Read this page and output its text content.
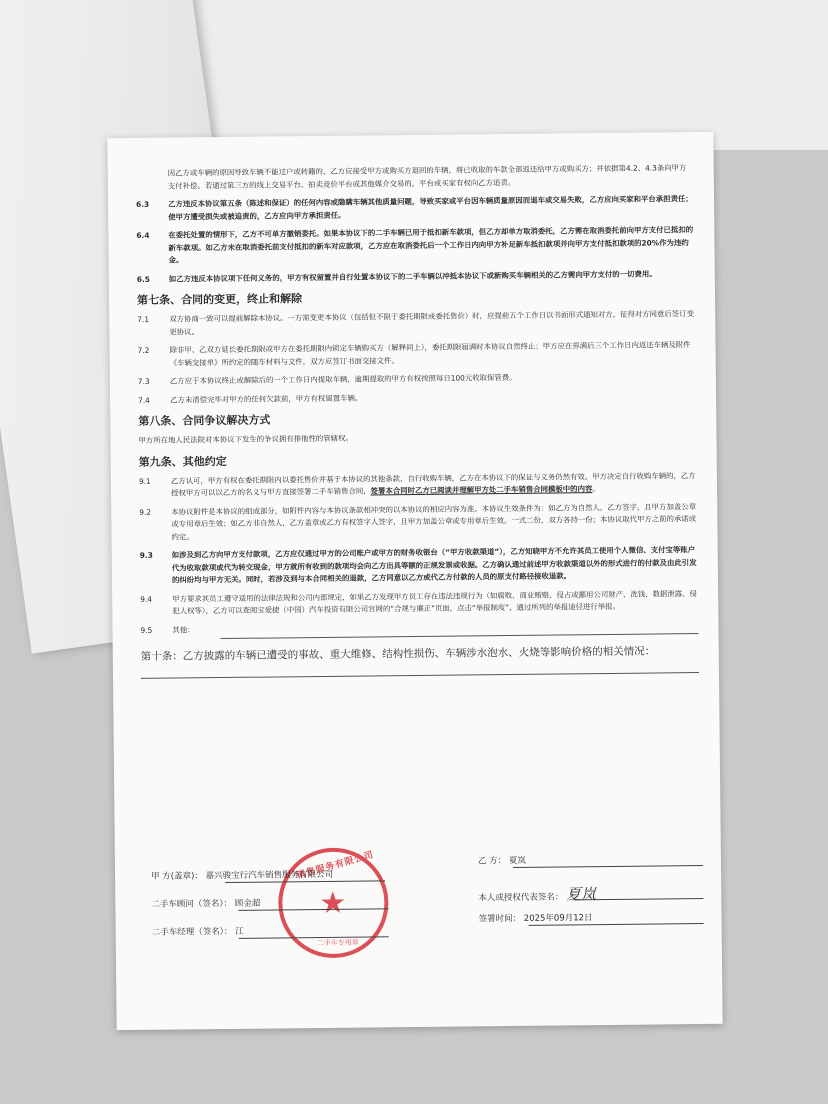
因乙方或车辆的原因导致车辆不能过户或转籍的，乙方应接受甲方或购买方退回的车辆，将已收取的车款全部返还给甲方或购买方；并依据第4.2、4.3条向甲方支付补偿。若通过第三方的线上交易平台、拍卖竞价平台或其他媒介交易的，平台或买家有权向乙方追责。
6.3	乙方违反本协议第五条（陈述和保证）的任何内容或隐瞒车辆其他质量问题，导致买家或平台因车辆质量原因而退车或交易失败，乙方应向买家和平台承担责任；使甲方遭受损失或被追责的，乙方应向甲方承担责任。
6.4	在委托处置的情形下，乙方不可单方撤销委托。如果本协议下的二手车辆已用于抵扣新车款项，但乙方却单方取消委托，乙方需在取消委托前向甲方支付已抵扣的新车款项。如乙方未在取消委托前支付抵扣的新车对应款项，乙方应在取消委托后一个工作日内向甲方补足新车抵扣款项并向甲方支付抵扣款项的20%作为违约金。
6.5	如乙方违反本协议项下任何义务的，甲方有权留置并自行处置本协议下的二手车辆以冲抵本协议下或新购买车辆相关的乙方需向甲方支付的一切费用。
第七条、合同的变更，终止和解除
7.1	双方协商一致可以提前解除本协议。一方需变更本协议（包括但不限于委托期限或委托售价）时，应提前五个工作日以书面形式通知对方，征得对方同意后签订变更协议。
7.2	除非甲、乙双方延长委托期限或甲方在委托期限内锁定车辆购买方（解释同上），委托期限届满时本协议自然终止；甲方应在界满后三个工作日内返还车辆及附件《车辆交接单》所约定的随车材料与文件，双方应签订书面交接文件。
7.3	乙方应于本协议终止或解除后的一个工作日内提取车辆，逾期提取的甲方有权按照每日100元收取保管费。
7.4	乙方未清偿完毕对甲方的任何欠款前，甲方有权留置车辆。
第八条、合同争议解决方式
甲方所在地人民法院对本协议下发生的争议拥有排他性的管辖权。
第九条、其他约定
9.1	乙方认可，甲方有权在委托期限内以委托售价并基于本协议的其他条款，自行收购车辆，乙方在本协议下的保证与义务仍然有效。甲方决定自行收购车辆的，乙方授权甲方可以以乙方的名义与甲方直接签署二手车销售合同，签署本合同时乙方已阅读并理解甲方处二手车销售合同模板中的内容。
9.2	本协议附件是本协议的组成部分，如附件内容与本协议条款相冲突的以本协议的相应内容为准。本协议生效条件为：如乙方为自然人，乙方签字，且甲方加盖公章或专用章后生效；如乙方非自然人，乙方盖章或乙方有权签字人签字，且甲方加盖公章或专用章后生效。一式二份，双方各持一份；本协议取代甲方之前的承诺或约定。
9.3	如涉及到乙方向甲方支付款项，乙方应仅通过甲方的公司账户或甲方的财务收银台（“甲方收款渠道”），乙方知晓甲方不允许其员工使用个人微信、支付宝等账户代为收取款项或代为转交现金，甲方就所有收到的款项均会向乙方出具等额的正规发票或收据。乙方确认通过前述甲方收款渠道以外的形式进行的付款及由此引发的纠纷均与甲方无关。同时，若涉及到与本合同相关的退款，乙方同意以乙方或代乙方付款的人员的原支付路径接收退款。
9.4	甲方要求其员工遵守适用的法律法规和公司内部规定，如果乙方发现甲方员工存在违法违规行为（如腐败、商业贿赂、侵占或挪用公司财产、洗钱、数据泄露、侵犯人权等），乙方可以查阅宝爱捷（中国）汽车投资有限公司官网的“合规与廉正”页面，点击“举报制度”，通过所列的举报途径进行举报。
9.5	其他：
第十条：乙方披露的车辆已遭受的事故、重大维修、结构性损伤、车辆涉水泡水、火烧等影响价格的相关情况：
销售服务有限公司
★
二手车专用章
甲 方(盖章)： 嘉兴骏宝行汽车销售服务有限公司
二手车顾问（签名）： 顾金超
二手车经理（签名）： 江
乙 方： 夏岚
本人或授权代表签名： 夏岚
签署时间： 2025年09月12日
